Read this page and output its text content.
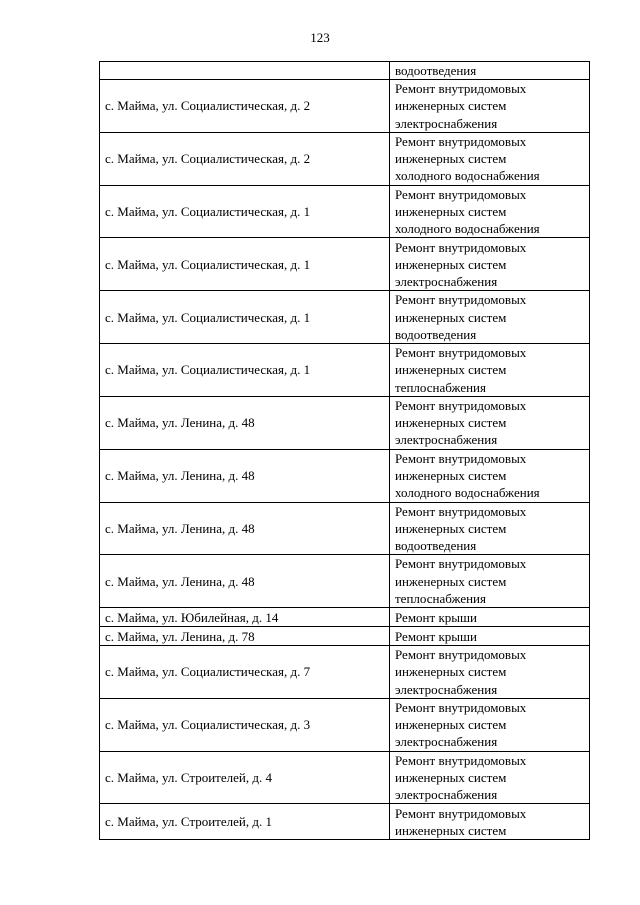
123
	водоотведения
с. Майма, ул. Социалистическая, д. 2	Ремонт внутридомовых
инженерных систем
электроснабжения
с. Майма, ул. Социалистическая, д. 2	Ремонт внутридомовых
инженерных систем
холодного водоснабжения
с. Майма, ул. Социалистическая, д. 1	Ремонт внутридомовых
инженерных систем
холодного водоснабжения
с. Майма, ул. Социалистическая, д. 1	Ремонт внутридомовых
инженерных систем
электроснабжения
с. Майма, ул. Социалистическая, д. 1	Ремонт внутридомовых
инженерных систем
водоотведения
с. Майма, ул. Социалистическая, д. 1	Ремонт внутридомовых
инженерных систем
теплоснабжения
с. Майма, ул. Ленина, д. 48	Ремонт внутридомовых
инженерных систем
электроснабжения
с. Майма, ул. Ленина, д. 48	Ремонт внутридомовых
инженерных систем
холодного водоснабжения
с. Майма, ул. Ленина, д. 48	Ремонт внутридомовых
инженерных систем
водоотведения
с. Майма, ул. Ленина, д. 48	Ремонт внутридомовых
инженерных систем
теплоснабжения
с. Майма, ул. Юбилейная, д. 14	Ремонт крыши
с. Майма, ул. Ленина, д. 78	Ремонт крыши
с. Майма, ул. Социалистическая, д. 7	Ремонт внутридомовых
инженерных систем
электроснабжения
с. Майма, ул. Социалистическая, д. 3	Ремонт внутридомовых
инженерных систем
электроснабжения
с. Майма, ул. Строителей, д. 4	Ремонт внутридомовых
инженерных систем
электроснабжения
с. Майма, ул. Строителей, д. 1	Ремонт внутридомовых
инженерных систем
